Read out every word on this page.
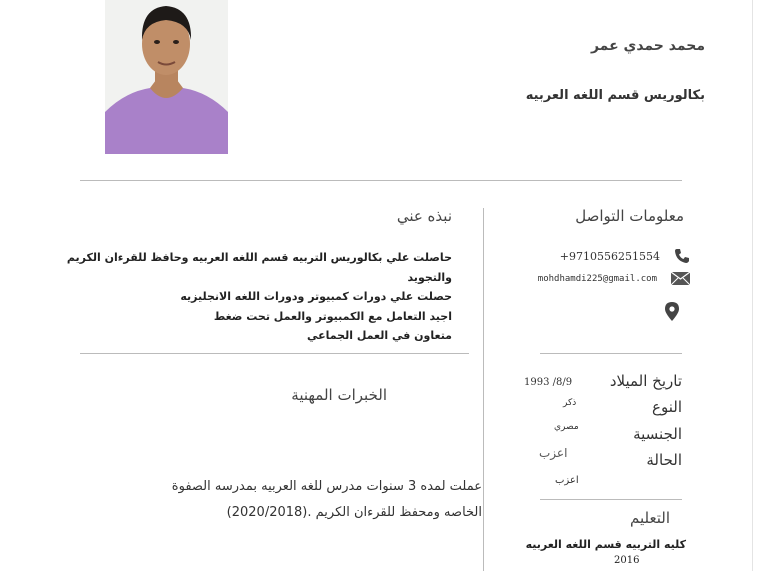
محمد حمدي عمر
بكالوريس قسم اللغه العربيه
نبذه عني
حاصلت علي بكالوريس التربيه قسم اللغه العربيه وحافظ للقرءان الكريم والتجويد
حصلت علي دورات كمبيوتر ودورات اللغه الانجليزيه
اجيد التعامل مع الكمبيوتر والعمل تحت ضغط
متعاون في العمل الجماعي
الخبرات المهنية
عملت لمده 3 سنوات مدرس للغه العربيه بمدرسه الصفوة
الخاصه ومحفظ للقرءان الكريم .(2020/2018)
معلومات التواصل
+9710556251554
mohdhamdi225@gmail.com
تاريخ الميلاد
1993 /8/9
النوع
ذكر
الجنسية
مصري
الحالة
اعزب
اعزب
التعليم
كليه التربيه قسم اللغه العربيه
2016
